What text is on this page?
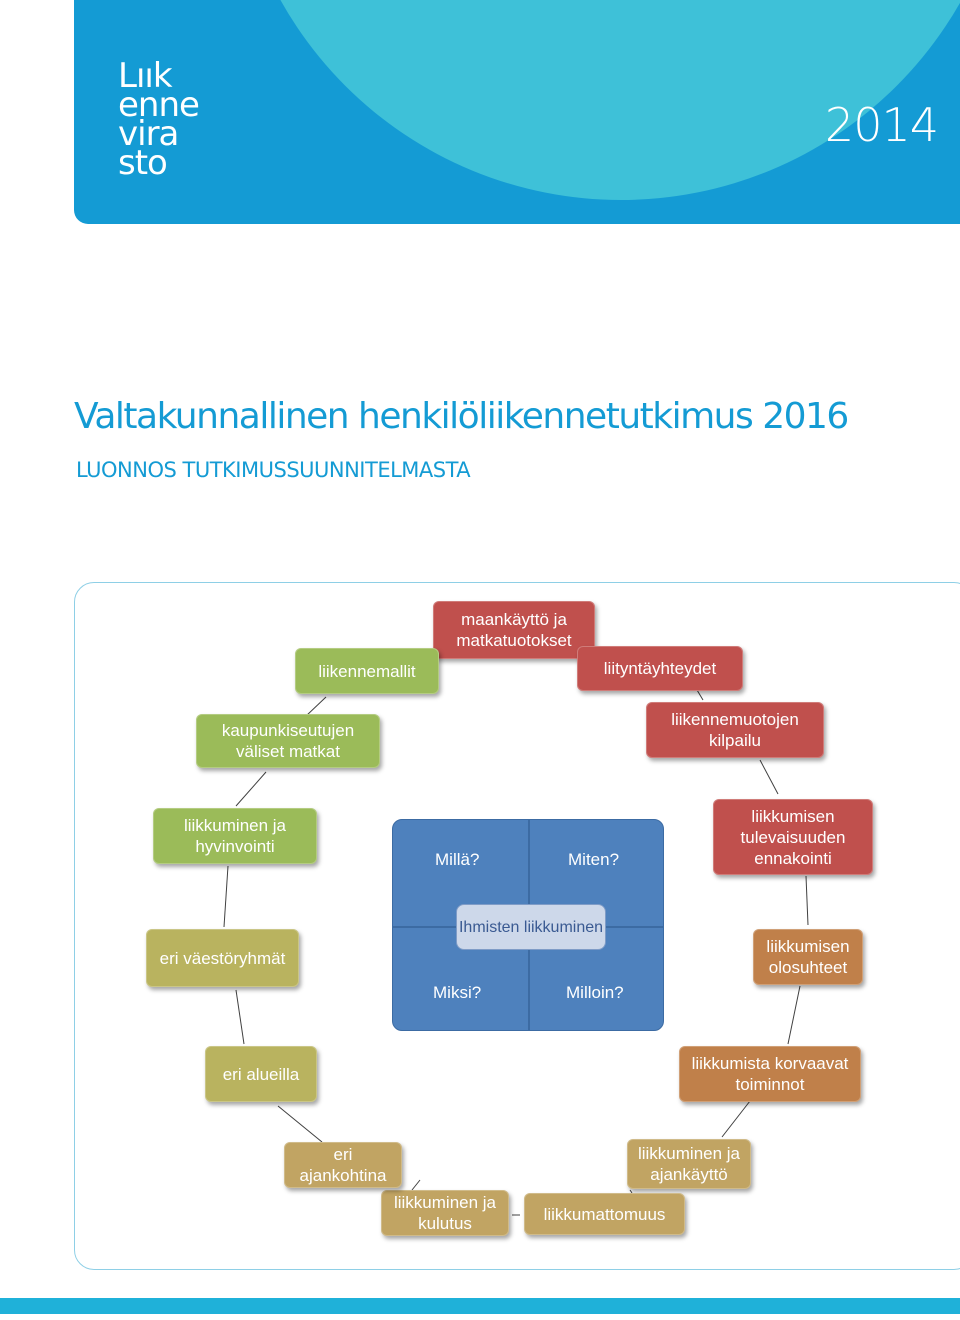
Lıık
enne
vira
sto
2014
Valtakunnallinen henkilöliikennetutkimus 2016
LUONNOS TUTKIMUSSUUNNITELMASTA
maankäyttö ja matkatuotokset
liityntäyhteydet
liikennemuotojen kilpailu
liikkumisen tulevaisuuden ennakointi
liikkumisen olosuhteet
liikkumista korvaavat toiminnot
liikkuminen ja ajankäyttö
liikkumattomuus
liikkuminen ja kulutus
eri ajankohtina
eri alueilla
eri väestöryhmät
liikkuminen ja hyvinvointi
kaupunkiseutujen väliset matkat
liikennemallit
Millä?	Miten?
Miksi?	Milloin?
Ihmisten liikkuminen
